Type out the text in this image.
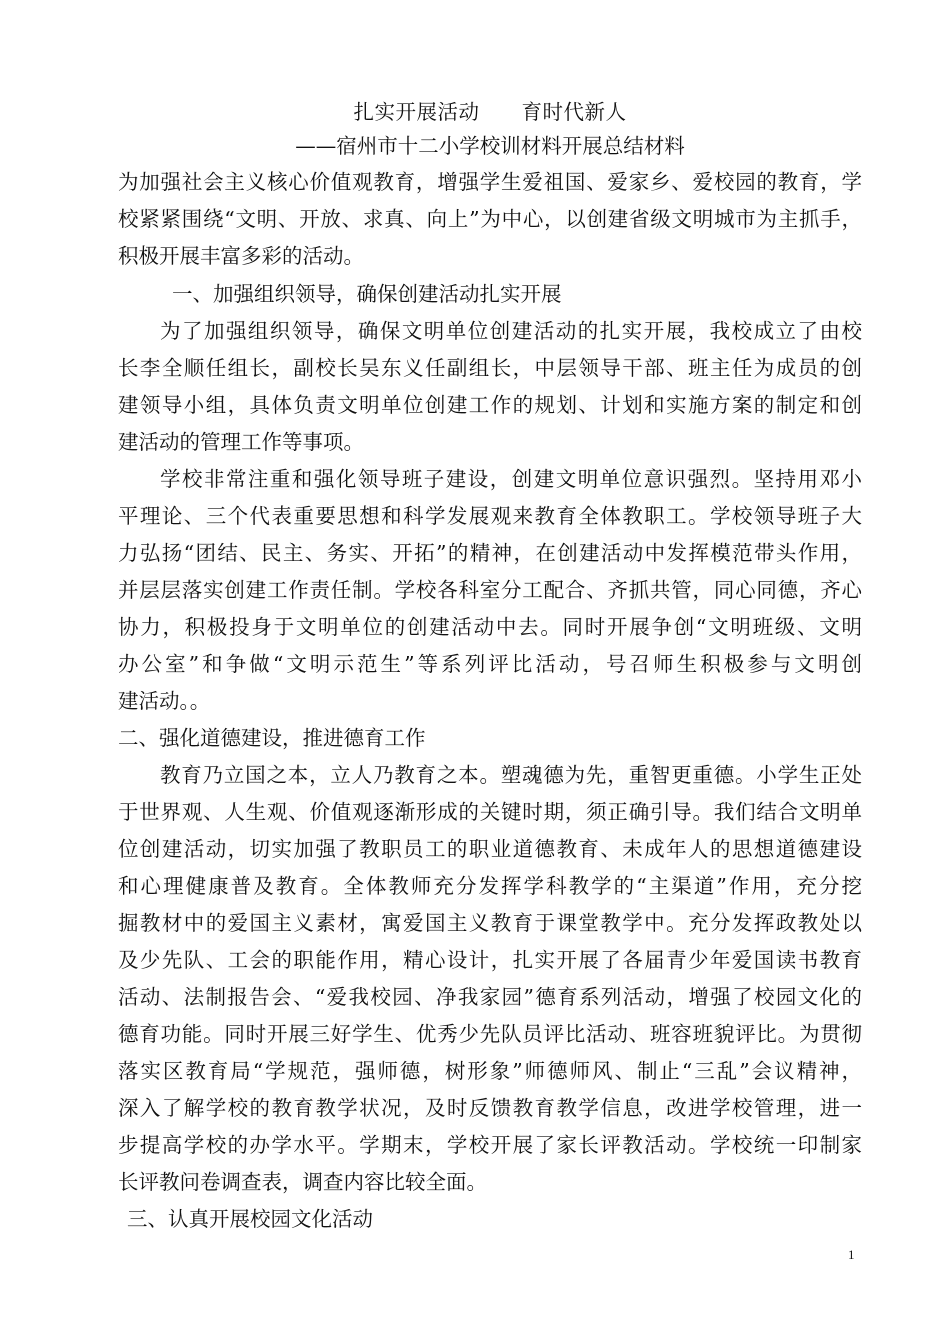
扎实开展活动　　育时代新人
——宿州市十二小学校训材料开展总结材料
为加强社会主义核心价值观教育，增强学生爱祖国、爱家乡、爱校园的教育，学
校紧紧围绕“文明、开放、求真、向上”为中心，以创建省级文明城市为主抓手，
积极开展丰富多彩的活动。
一、加强组织领导，确保创建活动扎实开展
为了加强组织领导，确保文明单位创建活动的扎实开展，我校成立了由校
长李全顺任组长，副校长吴东义任副组长，中层领导干部、班主任为成员的创
建领导小组，具体负责文明单位创建工作的规划、计划和实施方案的制定和创
建活动的管理工作等事项。
学校非常注重和强化领导班子建设，创建文明单位意识强烈。坚持用邓小
平理论、三个代表重要思想和科学发展观来教育全体教职工。学校领导班子大
力弘扬“团结、民主、务实、开拓”的精神，在创建活动中发挥模范带头作用，
并层层落实创建工作责任制。学校各科室分工配合、齐抓共管，同心同德，齐心
协力，积极投身于文明单位的创建活动中去。同时开展争创“文明班级、文明
办公室”和争做“文明示范生”等系列评比活动，号召师生积极参与文明创
建活动。。
二、强化道德建设，推进德育工作
教育乃立国之本，立人乃教育之本。塑魂德为先，重智更重德。小学生正处
于世界观、人生观、价值观逐渐形成的关键时期，须正确引导。我们结合文明单
位创建活动，切实加强了教职员工的职业道德教育、未成年人的思想道德建设
和心理健康普及教育。全体教师充分发挥学科教学的“主渠道”作用，充分挖
掘教材中的爱国主义素材，寓爱国主义教育于课堂教学中。充分发挥政教处以
及少先队、工会的职能作用，精心设计，扎实开展了各届青少年爱国读书教育
活动、法制报告会、“爱我校园、净我家园”德育系列活动，增强了校园文化的
德育功能。同时开展三好学生、优秀少先队员评比活动、班容班貌评比。为贯彻
落实区教育局“学规范，强师德，树形象”师德师风、制止“三乱”会议精神，
深入了解学校的教育教学状况，及时反馈教育教学信息，改进学校管理，进一
步提高学校的办学水平。学期末，学校开展了家长评教活动。学校统一印制家
长评教问卷调查表，调查内容比较全面。
三、认真开展校园文化活动
1
